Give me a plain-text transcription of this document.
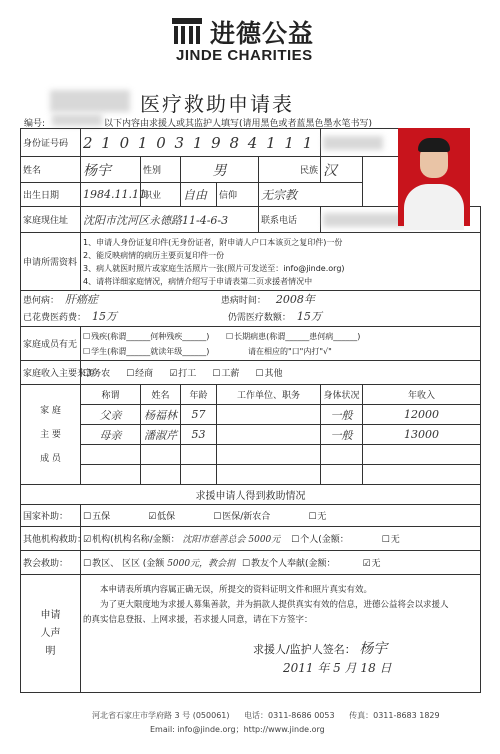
进德公益
JINDE CHARITIES
医疗救助申请表
编号:	以下内容由求援人或其监护人填写(请用黑色或者蓝黑色墨水笔书写)
身份证号码	2 1 0 1 0 3 1 9 8 4 1 1 1							

姓名	杨宇	性别	男		民族	汉			
出生日期	1984.11.11	职业	自由	信仰	无宗教				
家庭现住址	沈阳市沈河区永德路11-4-6-3				联系电话				

申请所需资料	1、申请人身份证复印件(无身份证者，附申请人户口本该页之复印件)一份
2、能反映病情的病历主要页复印件一份
3、病人就医时照片或家庭生活照片一张(照片可发送至：info@jinde.org)
4、请将详细家庭情况，病情介绍写于申请表第二页求援者情况中								

患何病： 肝癌症 患病时间： 2008年
已花费医药费： 15万 仍需医疗数额： 15万									

家庭成员有无	☐ 残疾(称谓______何种残疾______) ☐ 长期病患(称谓______患何病______)
☐ 学生(称谓______就读年级______) 请在相应的"口"内打"√"

家庭收入主要来源	☐ 务农 ☐ 经商 ☑ 打工 ☐ 工薪 ☐ 其他

家 庭
主 要
成 员	称谓	姓名	年龄	工作单位、职务		身体状况	年收入	
	父亲	杨福林	57			一般	12000	
	母亲	潘淑芹	53			一般	13000	

求援申请人得到救助情况									
国家补助：	☐ 五保 ☑ 低保 ☐ 医保/新农合 ☐ 无
其他机构救助：	☑ 机构(机构名称/金额： 沈阳市慈善总会 5000元 ☐ 个人(金额： ☐ 无
教会救助：	☐ 教区、 区区 (金额 5000元，教会捐 ☐ 教友个人奉献(金额： ☑ 无
申请人声明	本申请表所填内容属正确无误，所提交的资料证明文件和照片真实有效。
为了更大限度地为求援人募集善款，并为捐款人提供真实有效的信息，进德公益将会以求援人
的真实信息登报、上网求援，若求援人同意，请在下方签字：
求援人/监护人签名： 杨宇
2011 年 5 月 18 日								
河北省石家庄市学府路 3 号 (050061) 电话：0311-8686 0053 传真：0311-8683 1829
Email: info@jinde.org；http://www.jinde.org
